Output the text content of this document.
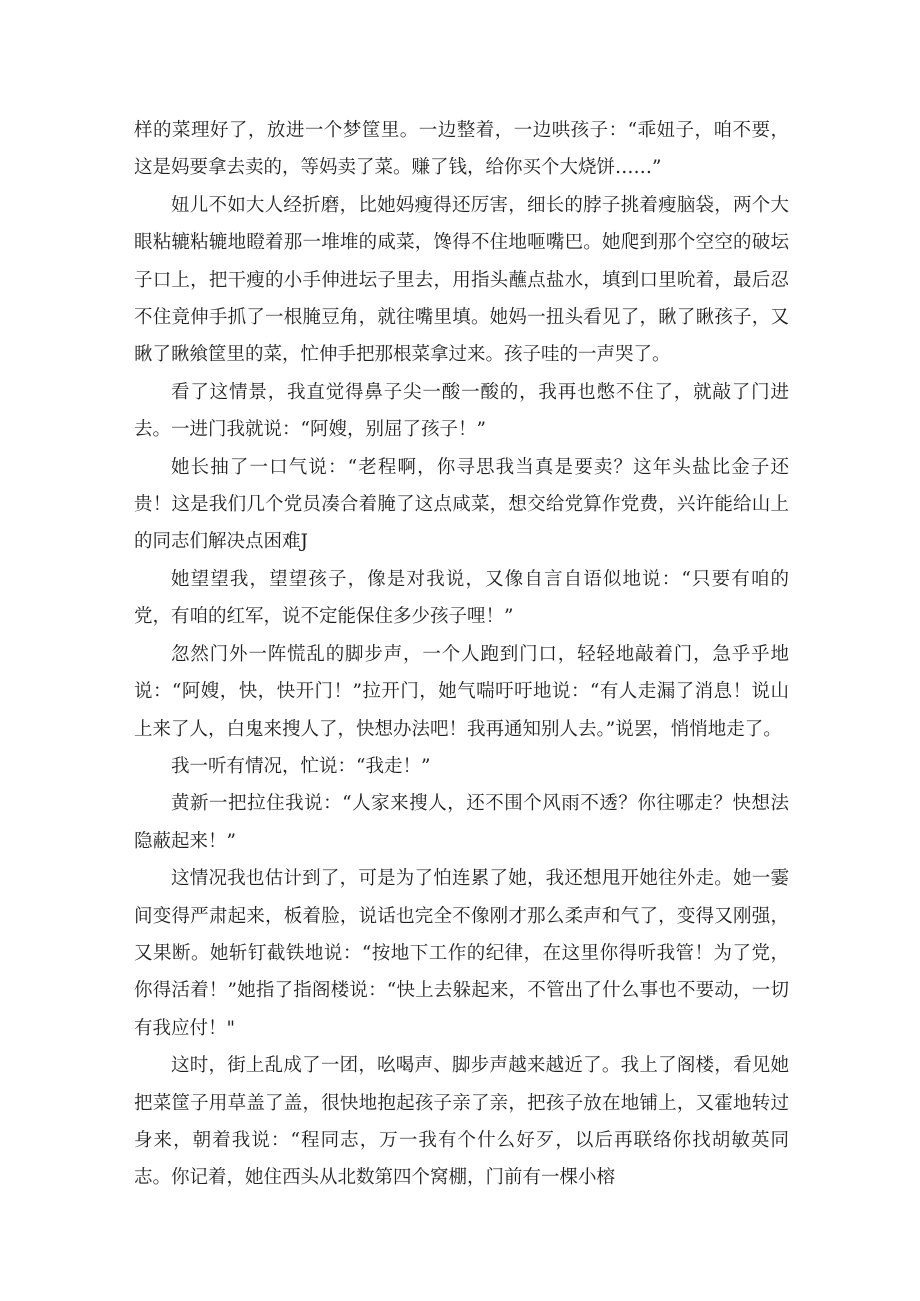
样的菜理好了，放进一个梦筐里。一边整着，一边哄孩子：“乖妞子，咱不要，这是妈要拿去卖的，等妈卖了菜。赚了钱，给你买个大烧饼……”

妞儿不如大人经折磨，比她妈瘦得还厉害，细长的脖子挑着瘦脑袋，两个大眼粘辘粘辘地瞪着那一堆堆的咸菜，馋得不住地咂嘴巴。她爬到那个空空的破坛子口上，把干瘦的小手伸进坛子里去，用指头蘸点盐水，填到口里吮着，最后忍不住竟伸手抓了一根腌豆角，就往嘴里填。她妈一扭头看见了，瞅了瞅孩子，又瞅了瞅飨筐里的菜，忙伸手把那根菜拿过来。孩子哇的一声哭了。

看了这情景，我直觉得鼻子尖一酸一酸的，我再也憋不住了，就敲了门进去。一进门我就说：“阿嫂，别屈了孩子！”

她长抽了一口气说：“老程啊，你寻思我当真是要卖？这年头盐比金子还贵！这是我们几个党员凑合着腌了这点咸菜，想交给党算作党费，兴许能给山上的同志们解决点困难J

她望望我，望望孩子，像是对我说，又像自言自语似地说：“只要有咱的党，有咱的红军，说不定能保住多少孩子哩！”

忽然门外一阵慌乱的脚步声，一个人跑到门口，轻轻地敲着门，急乎乎地说：“阿嫂，快，快开门！”拉开门，她气喘吁吁地说：“有人走漏了消息！说山上来了人，白鬼来搜人了，快想办法吧！我再通知别人去。”说罢，悄悄地走了。

我一听有情况，忙说：“我走！”

黄新一把拉住我说：“人家来搜人，还不围个风雨不透？你往哪走？快想法隐蔽起来！”

这情况我也估计到了，可是为了怕连累了她，我还想甩开她往外走。她一霎间变得严肃起来，板着脸，说话也完全不像刚才那么柔声和气了，变得又刚强，又果断。她斩钉截铁地说：“按地下工作的纪律，在这里你得听我管！为了党，你得活着！”她指了指阁楼说：“快上去躲起来，不管出了什么事也不要动，一切有我应付！"

这时，街上乱成了一团，吆喝声、脚步声越来越近了。我上了阁楼，看见她把菜筐子用草盖了盖，很快地抱起孩子亲了亲，把孩子放在地铺上，又霍地转过身来，朝着我说：“程同志，万一我有个什么好歹，以后再联络你找胡敏英同志。你记着，她住西头从北数第四个窝棚，门前有一棵小榕
